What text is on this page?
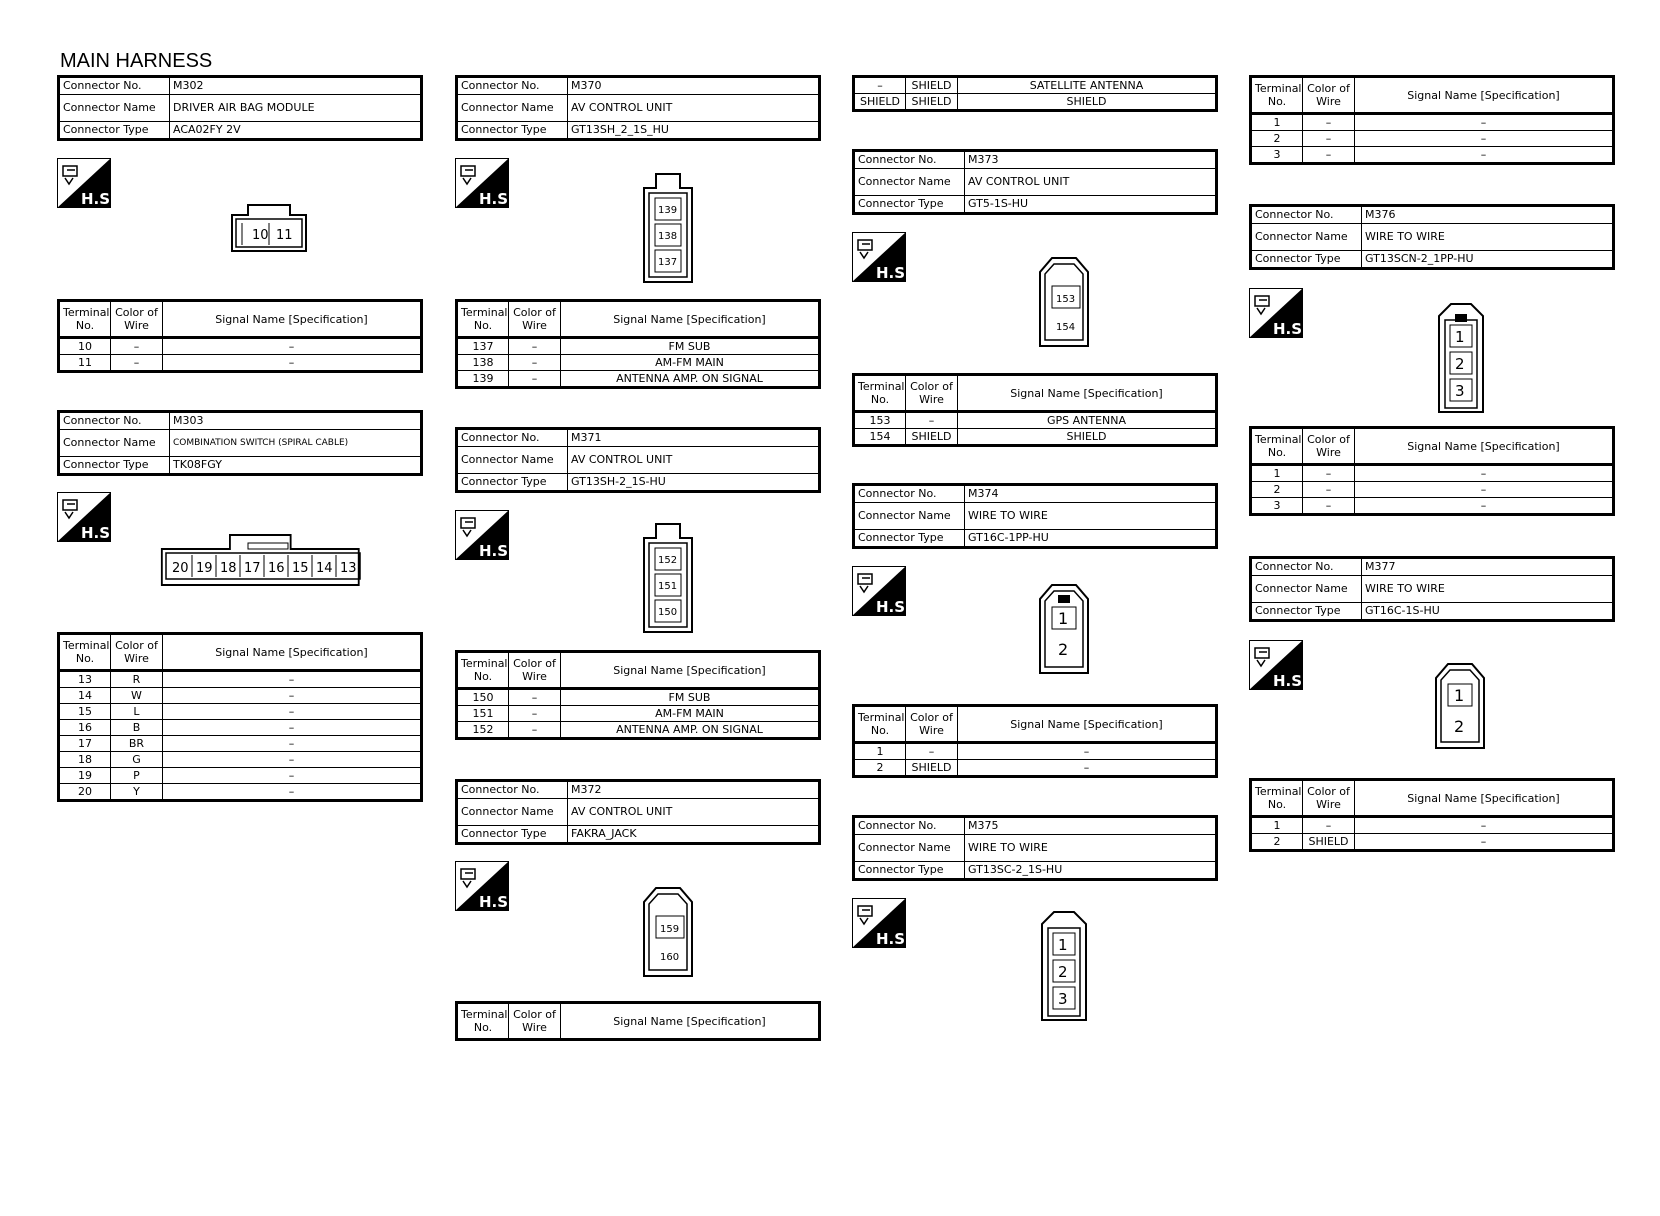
MAIN HARNESS
Connector No.	M302
Connector Name	DRIVER AIR BAG MODULE
Connector Type	ACA02FY 2V
H.S.
10 11
Terminal No.	Color of Wire	Signal Name [Specification]
10	–	–
11	–	–
Connector No.	M303
Connector Name	COMBINATION SWITCH (SPIRAL CABLE)
Connector Type	TK08FGY
H.S.
20 19 18 17 16 15 14 13
Terminal No.	Color of Wire	Signal Name [Specification]
13	R	–
14	W	–
15	L	–
16	B	–
17	BR	–
18	G	–
19	P	–
20	Y	–
Connector No.	M370
Connector Name	AV CONTROL UNIT
Connector Type	GT13SH_2_1S_HU
H.S.
139
138
137
Terminal No.	Color of Wire	Signal Name [Specification]
137	–	FM SUB
138	–	AM-FM MAIN
139	–	ANTENNA AMP. ON SIGNAL
Connector No.	M371
Connector Name	AV CONTROL UNIT
Connector Type	GT13SH-2_1S-HU
H.S.
152
151
150
Terminal No.	Color of Wire	Signal Name [Specification]
150	–	FM SUB
151	–	AM-FM MAIN
152	–	ANTENNA AMP. ON SIGNAL
Connector No.	M372
Connector Name	AV CONTROL UNIT
Connector Type	FAKRA_JACK
H.S.
159
160
Terminal No.	Color of Wire	Signal Name [Specification]
–	SHIELD	SATELLITE ANTENNA
SHIELD	SHIELD	SHIELD
Connector No.	M373
Connector Name	AV CONTROL UNIT
Connector Type	GT5-1S-HU
H.S.
153
154
Terminal No.	Color of Wire	Signal Name [Specification]
153	–	GPS ANTENNA
154	SHIELD	SHIELD
Connector No.	M374
Connector Name	WIRE TO WIRE
Connector Type	GT16C-1PP-HU
H.S.
1
2
Terminal No.	Color of Wire	Signal Name [Specification]
1	–	–
2	SHIELD	–
Connector No.	M375
Connector Name	WIRE TO WIRE
Connector Type	GT13SC-2_1S-HU
H.S.	1
2
3
Terminal No.	Color of Wire	Signal Name [Specification]
1	–	–
2	–	–
3	–	–
Connector No.	M376
Connector Name	WIRE TO WIRE
Connector Type	GT13SCN-2_1PP-HU
H.S.	1
2
3
Terminal No.	Color of Wire	Signal Name [Specification]
1	–	–
2	–	–
3	–	–
Connector No.	M377
Connector Name	WIRE TO WIRE
Connector Type	GT16C-1S-HU
H.S.
1
2
Terminal No.	Color of Wire	Signal Name [Specification]
1	–	–
2	SHIELD	–
